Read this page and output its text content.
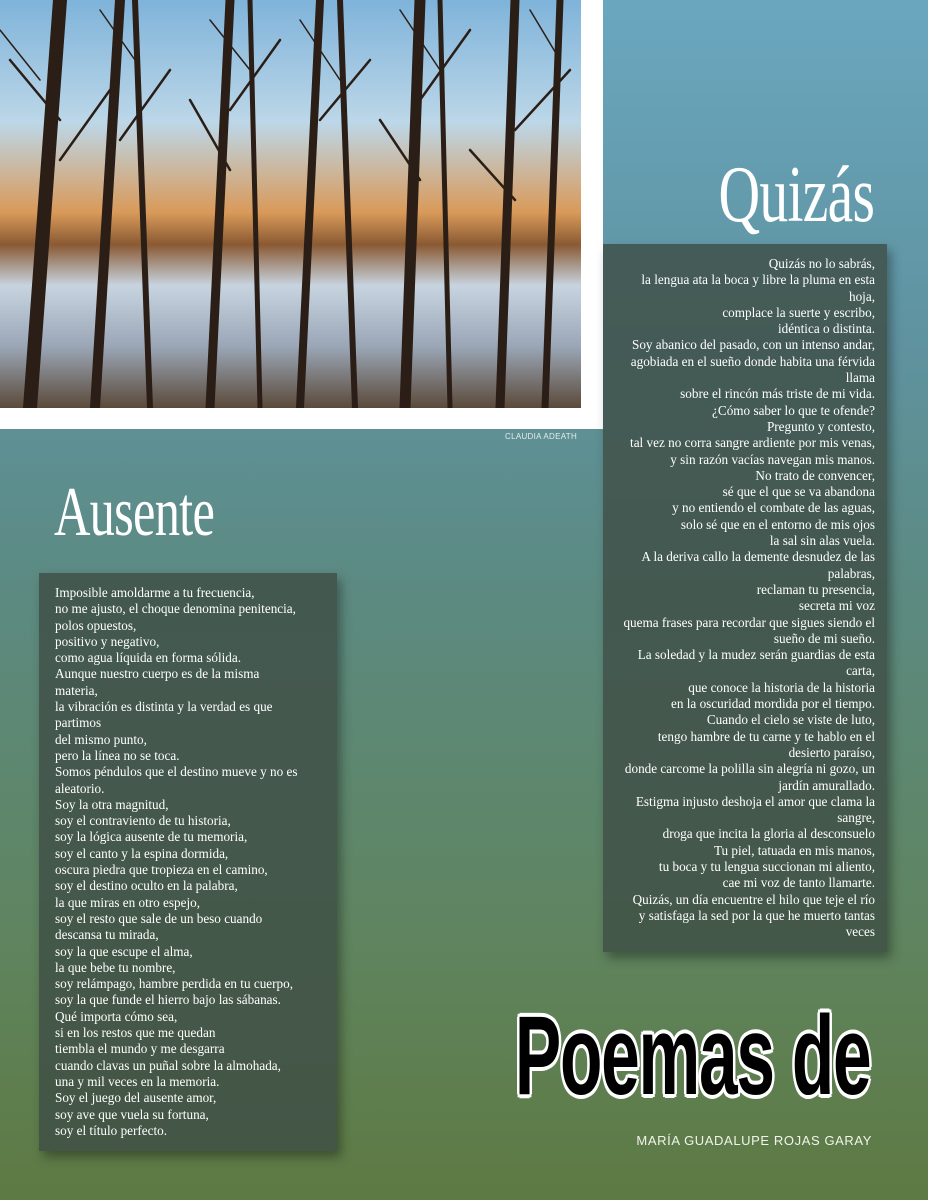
CLAUDIA ADEATH
Ausente
Quizás
Imposible amoldarme a tu frecuencia,
no me ajusto, el choque denomina penitencia,
polos opuestos,
positivo y negativo,
como agua líquida en forma sólida.
Aunque nuestro cuerpo es de la misma
materia,
la vibración es distinta y la verdad es que
partimos
del mismo punto,
pero la línea no se toca.
Somos péndulos que el destino mueve y no es
aleatorio.
Soy la otra magnitud,
soy el contraviento de tu historia,
soy la lógica ausente de tu memoria,
soy el canto y la espina dormida,
oscura piedra que tropieza en el camino,
soy el destino oculto en la palabra,
la que miras en otro espejo,
soy el resto que sale de un beso cuando
descansa tu mirada,
soy la que escupe el alma,
la que bebe tu nombre,
soy relámpago, hambre perdida en tu cuerpo,
soy la que funde el hierro bajo las sábanas.
Qué importa cómo sea,
si en los restos que me quedan
tiembla el mundo y me desgarra
cuando clavas un puñal sobre la almohada,
una y mil veces en la memoria.
Soy el juego del ausente amor,
soy ave que vuela su fortuna,
soy el título perfecto.
Quizás no lo sabrás,
la lengua ata la boca y libre la pluma en esta hoja,
complace la suerte y escribo,
idéntica o distinta.
Soy abanico del pasado, con un intenso andar,
agobiada en el sueño donde habita una férvida llama
sobre el rincón más triste de mi vida.
¿Cómo saber lo que te ofende?
Pregunto y contesto,
tal vez no corra sangre ardiente por mis venas,
y sin razón vacías navegan mis manos.
No trato de convencer,
sé que el que se va abandona
y no entiendo el combate de las aguas,
solo sé que en el entorno de mis ojos
la sal sin alas vuela.
A la deriva callo la demente desnudez de las palabras,
reclaman tu presencia,
secreta mi voz
quema frases para recordar que sigues siendo el sueño de mi sueño.
La soledad y la mudez serán guardias de esta carta,
que conoce la historia de la historia
en la oscuridad mordida por el tiempo.
Cuando el cielo se viste de luto,
tengo hambre de tu carne y te hablo en el desierto paraíso,
donde carcome la polilla sin alegría ni gozo, un jardín amurallado.
Estigma injusto deshoja el amor que clama la sangre,
droga que incita la gloria al desconsuelo
Tu piel, tatuada en mis manos,
tu boca y tu lengua succionan mi aliento,
cae mi voz de tanto llamarte.
Quizás, un día encuentre el hilo que teje el río
y satisfaga la sed por la que he muerto tantas veces
Poemas de
MARÍA GUADALUPE ROJAS GARAY
